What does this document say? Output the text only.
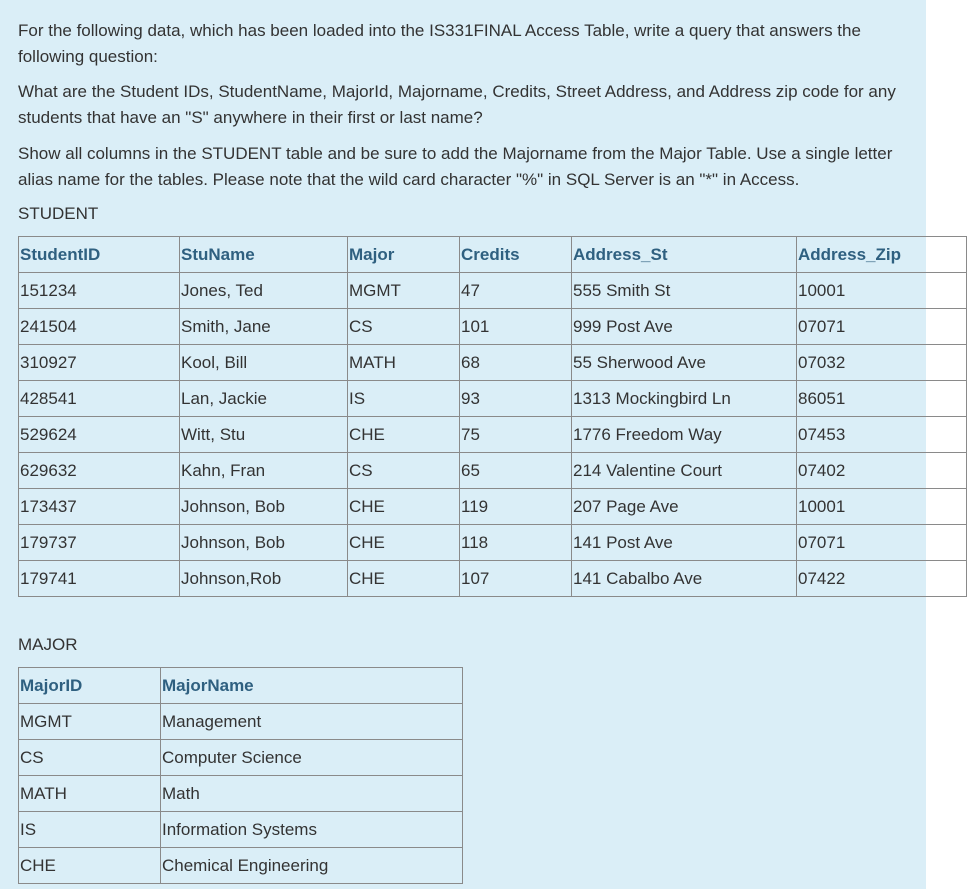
For the following data, which has been loaded into the IS331FINAL Access Table, write a query that answers the following question:

What are the Student IDs, StudentName, MajorId, Majorname, Credits, Street Address, and Address zip code for any students that have an "S" anywhere in their first or last name?

Show all columns in the STUDENT table and be sure to add the Majorname from the Major Table. Use a single letter alias name for the tables. Please note that the wild card character "%" in SQL Server is an "*" in Access.

STUDENT

MAJOR

StudentID	StuName	Major	Credits	Address_St	Address_Zip
151234	Jones, Ted	MGMT	47	555 Smith St	10001
241504	Smith, Jane	CS	101	999 Post Ave	07071
310927	Kool, Bill	MATH	68	55 Sherwood Ave	07032
428541	Lan, Jackie	IS	93	1313 Mockingbird Ln	86051
529624	Witt, Stu	CHE	75	1776 Freedom Way	07453
629632	Kahn, Fran	CS	65	214 Valentine Court	07402
173437	Johnson, Bob	CHE	119	207 Page Ave	10001
179737	Johnson, Bob	CHE	118	141 Post Ave	07071
179741	Johnson,Rob	CHE	107	141 Cabalbo Ave	07422
MajorID	MajorName
MGMT	Management
CS	Computer Science
MATH	Math
IS	Information Systems
CHE	Chemical Engineering
